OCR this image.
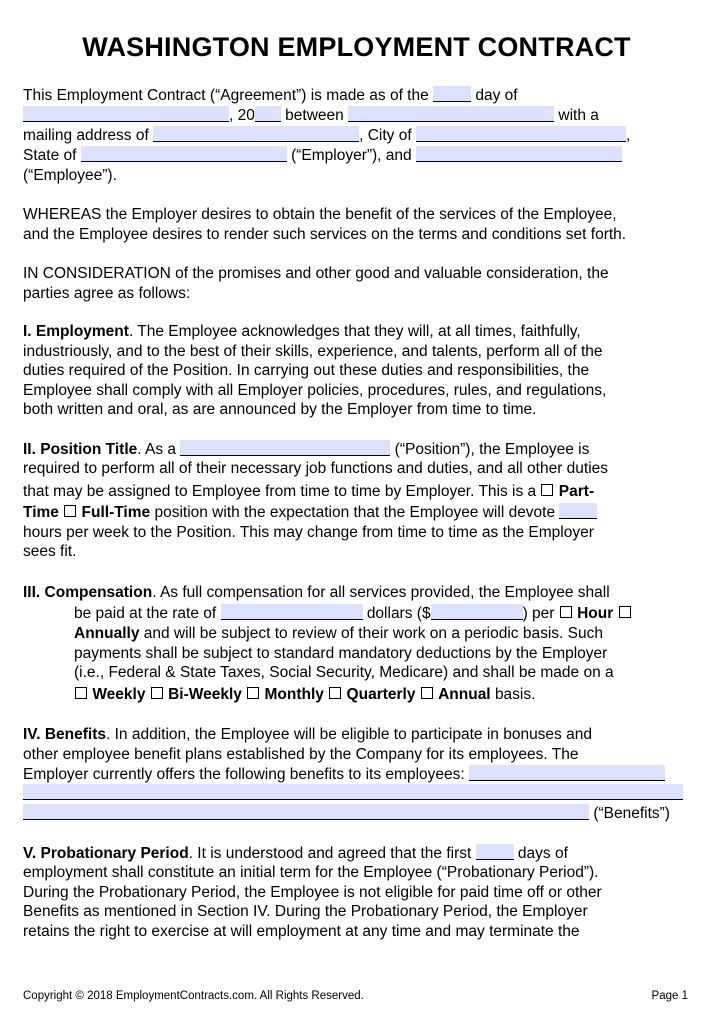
WASHINGTON EMPLOYMENT CONTRACT
This Employment Contract (“Agreement”) is made as of the	day of
, 20 between	with a
mailing address of	, City of	,
State of	(“Employer”), and
(“Employee”).
WHEREAS the Employer desires to obtain the benefit of the services of the Employee,
and the Employee desires to render such services on the terms and conditions set forth.
IN CONSIDERATION of the promises and other good and valuable consideration, the
parties agree as follows:
I. Employment. The Employee acknowledges that they will, at all times, faithfully,
industriously, and to the best of their skills, experience, and talents, perform all of the
duties required of the Position. In carrying out these duties and responsibilities, the
Employee shall comply with all Employer policies, procedures, rules, and regulations,
both written and oral, as are announced by the Employer from time to time.
II. Position Title. As a	(“Position”), the Employee is
required to perform all of their necessary job functions and duties, and all other duties
that may be assigned to Employee from time to time by Employer. This is a Part-
Time Full-Time position with the expectation that the Employee will devote
hours per week to the Position. This may change from time to time as the Employer
sees fit.
III. Compensation. As full compensation for all services provided, the Employee shall
be paid at the rate of	dollars ($	) per Hour
Annually and will be subject to review of their work on a periodic basis. Such
payments shall be subject to standard mandatory deductions by the Employer
(i.e., Federal & State Taxes, Social Security, Medicare) and shall be made on a
Weekly Bi-Weekly Monthly Quarterly Annual basis.
IV. Benefits. In addition, the Employee will be eligible to participate in bonuses and
other employee benefit plans established by the Company for its employees. The
Employer currently offers the following benefits to its employees:
(“Benefits”)
V. Probationary Period. It is understood and agreed that the first	days of
employment shall constitute an initial term for the Employee (“Probationary Period”).
During the Probationary Period, the Employee is not eligible for paid time off or other
Benefits as mentioned in Section IV. During the Probationary Period, the Employer
retains the right to exercise at will employment at any time and may terminate the
Copyright © 2018 EmploymentContracts.com. All Rights Reserved.	Page 1
